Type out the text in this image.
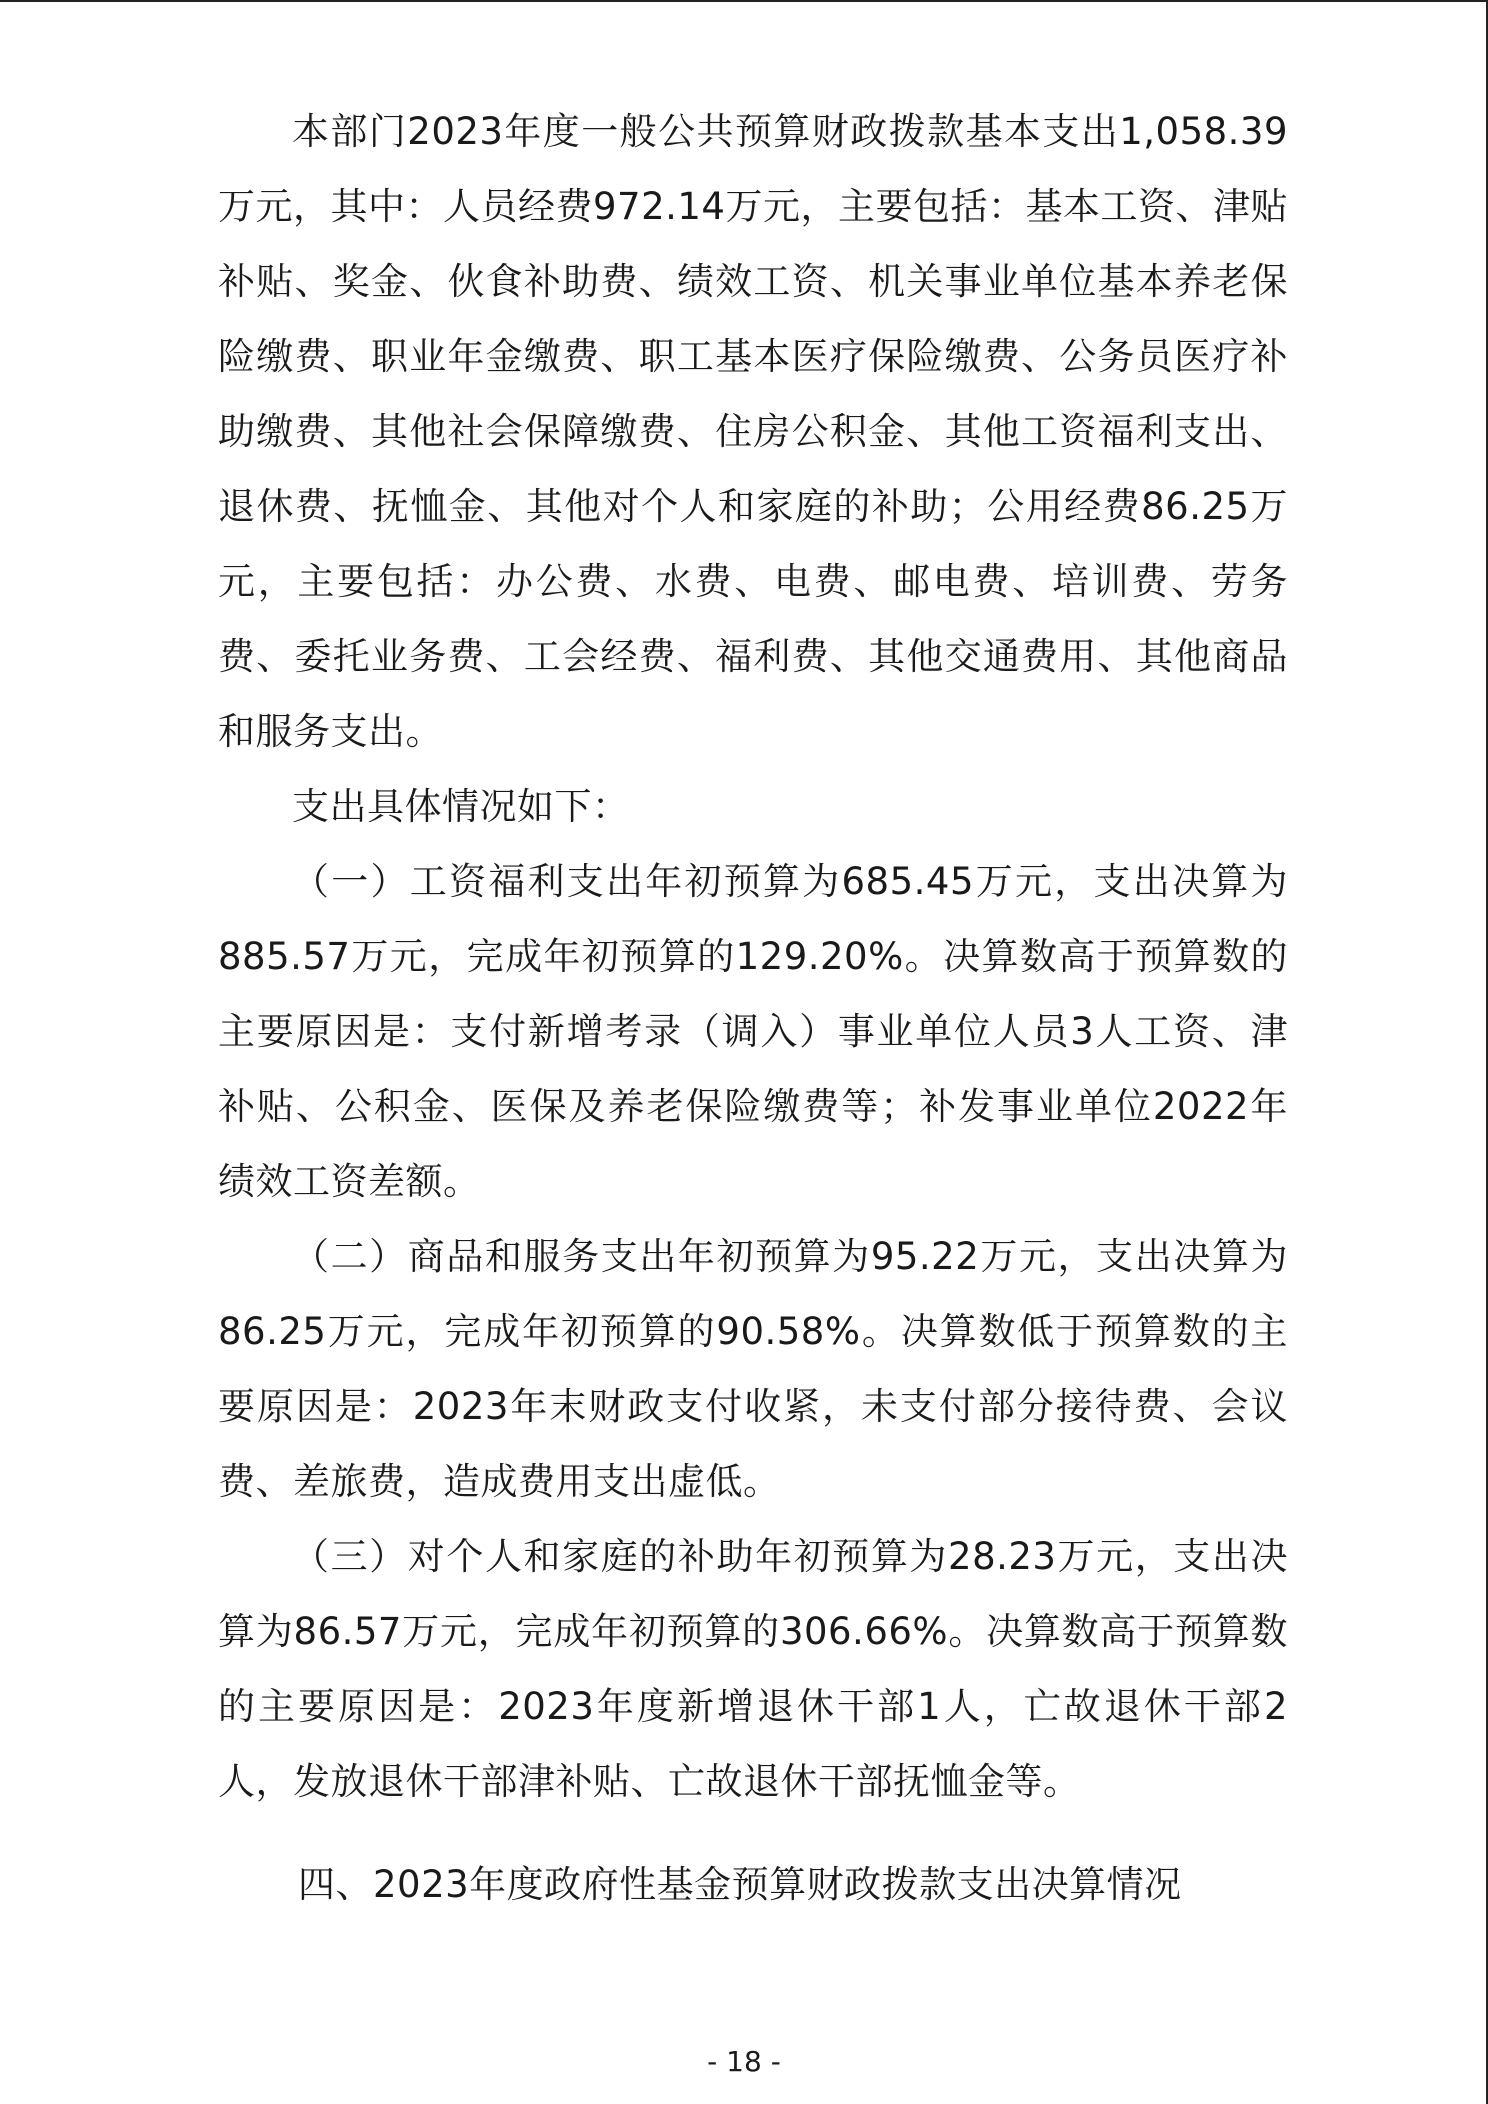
本部门2023年度一般公共预算财政拨款基本支出1,058.39万元，其中：人员经费972.14万元，主要包括：基本工资、津贴补贴、奖金、伙食补助费、绩效工资、机关事业单位基本养老保险缴费、职业年金缴费、职工基本医疗保险缴费、公务员医疗补助缴费、其他社会保障缴费、住房公积金、其他工资福利支出、退休费、抚恤金、其他对个人和家庭的补助；公用经费86.25万元，主要包括：办公费、水费、电费、邮电费、培训费、劳务费、委托业务费、工会经费、福利费、其他交通费用、其他商品和服务支出。

支出具体情况如下：

（一）工资福利支出年初预算为685.45万元，支出决算为885.57万元，完成年初预算的129.20%。决算数高于预算数的主要原因是：支付新增考录（调入）事业单位人员3人工资、津补贴、公积金、医保及养老保险缴费等；补发事业单位2022年绩效工资差额。

（二）商品和服务支出年初预算为95.22万元，支出决算为86.25万元，完成年初预算的90.58%。决算数低于预算数的主要原因是：2023年末财政支付收紧，未支付部分接待费、会议费、差旅费，造成费用支出虚低。

（三）对个人和家庭的补助年初预算为28.23万元，支出决算为86.57万元，完成年初预算的306.66%。决算数高于预算数的主要原因是：2023年度新增退休干部1人，亡故退休干部2人，发放退休干部津补贴、亡故退休干部抚恤金等。

四、2023年度政府性基金预算财政拨款支出决算情况

- 18 -
